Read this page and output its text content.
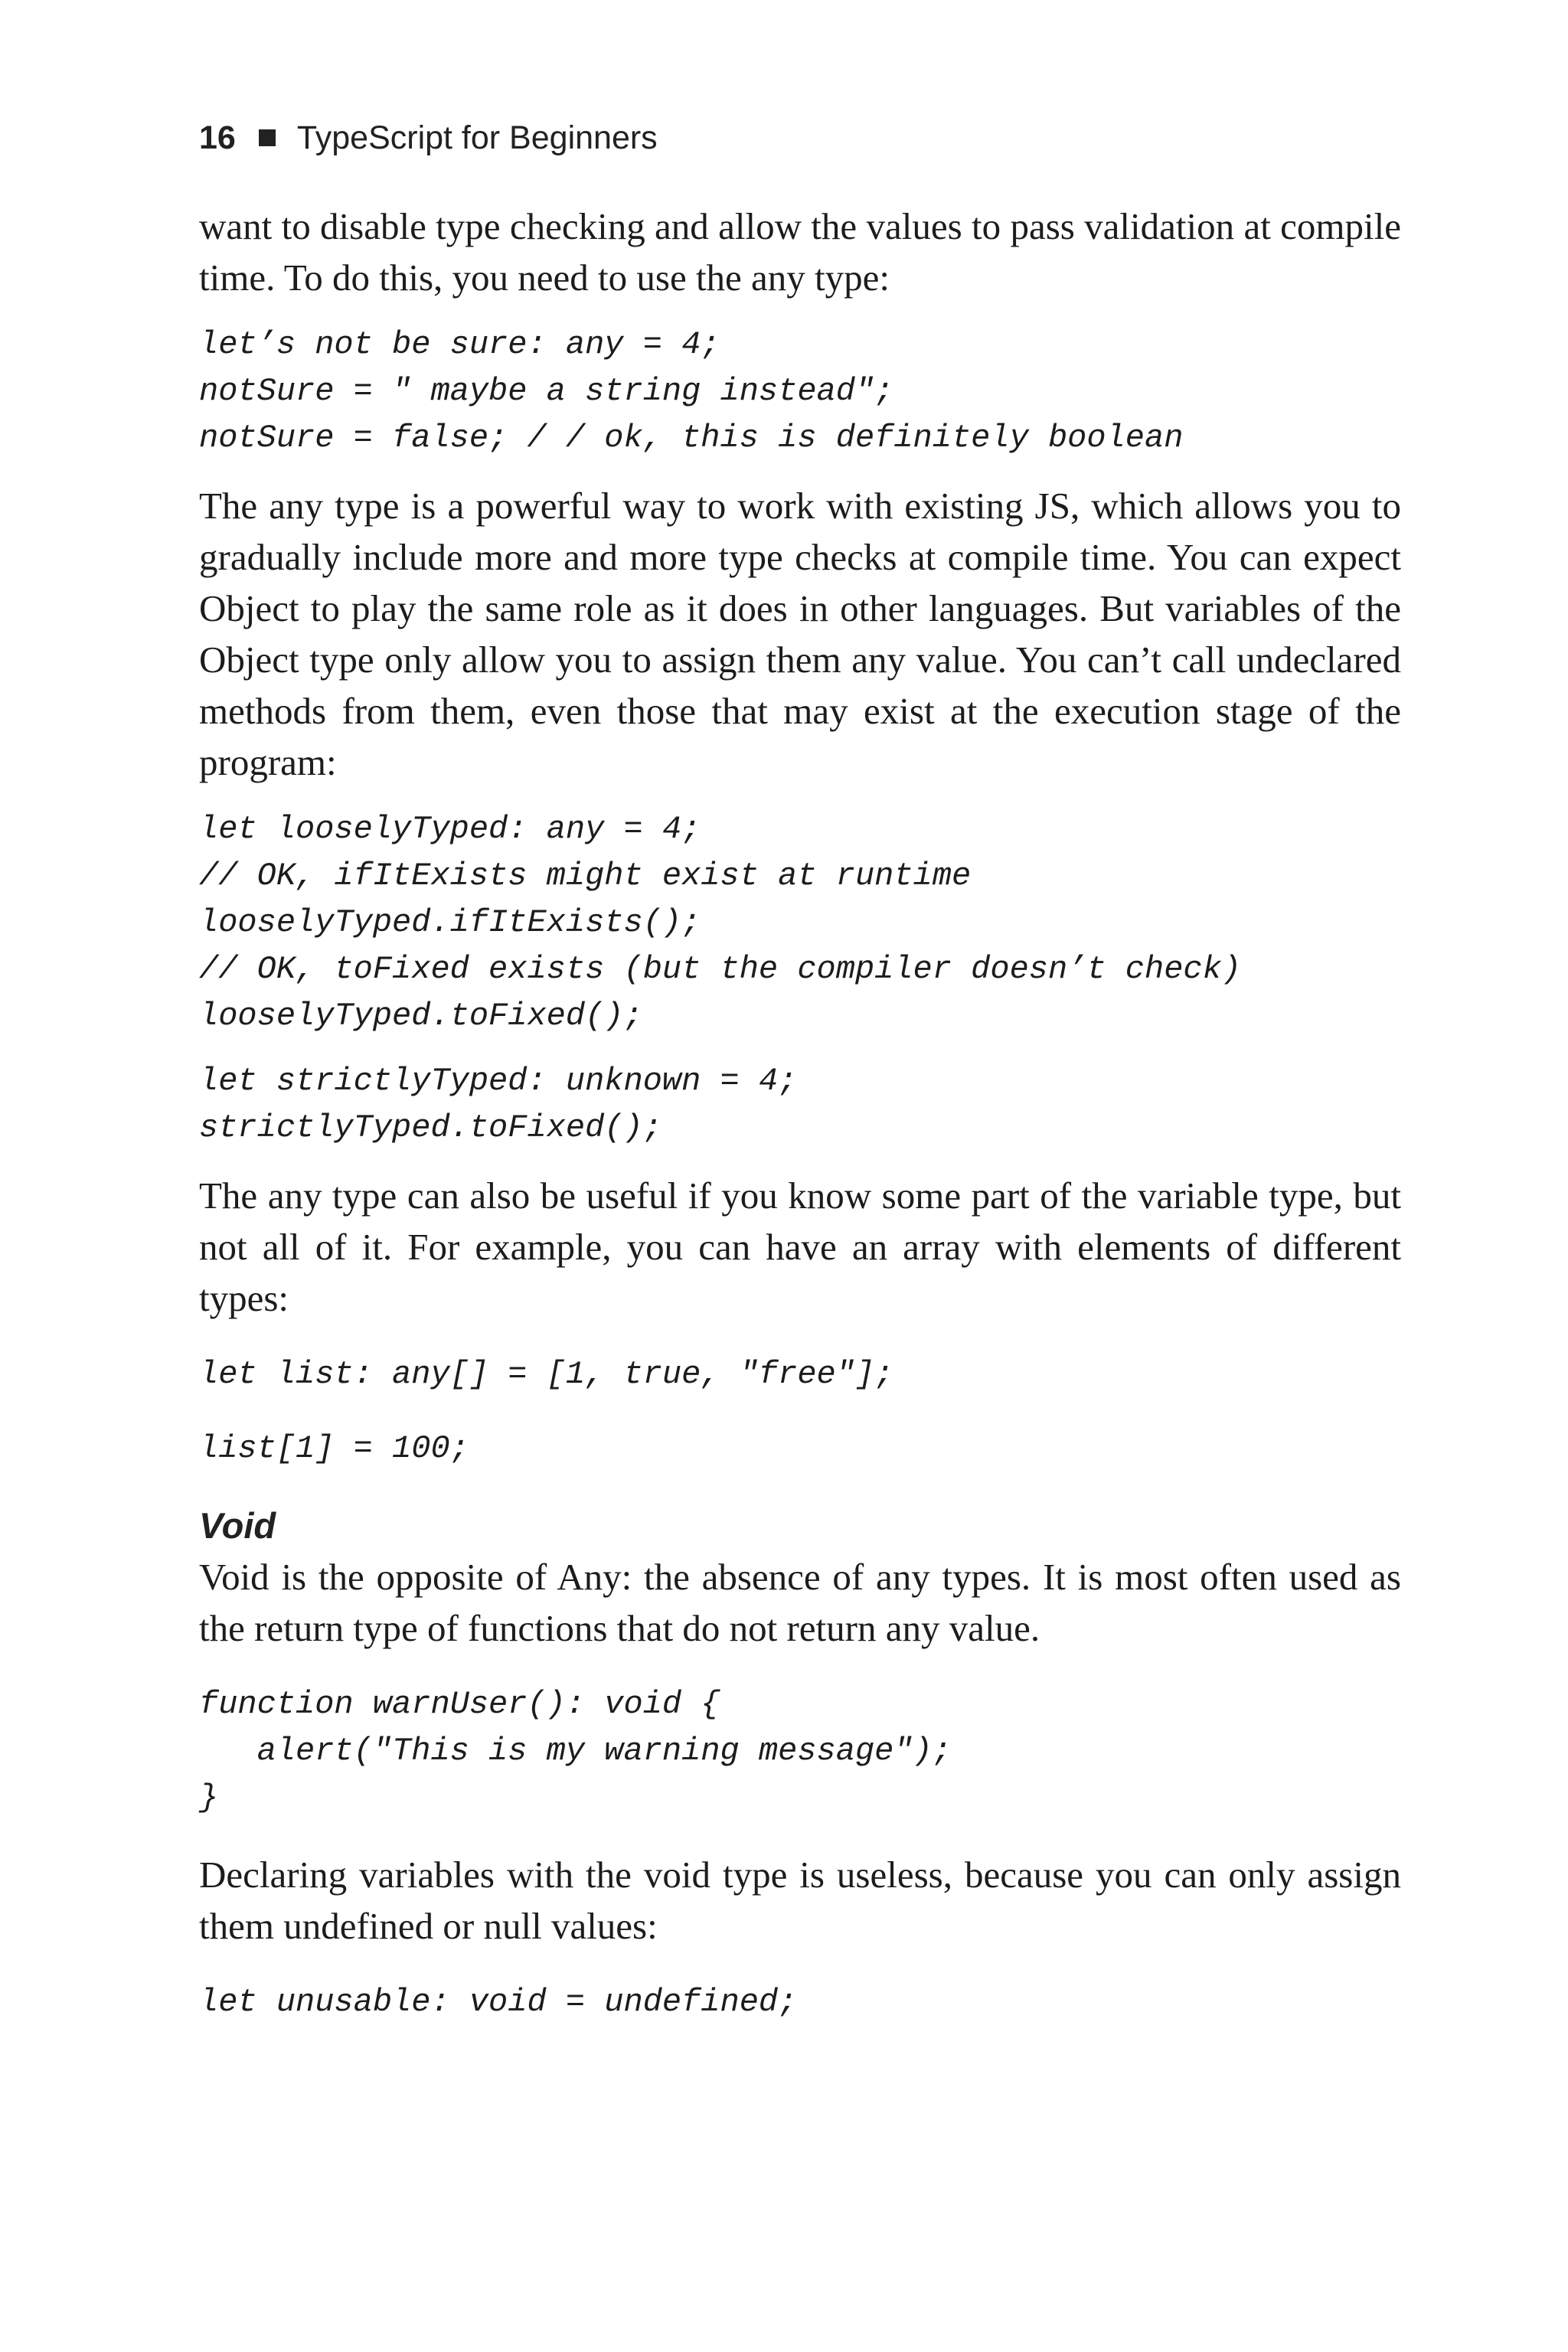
16 TypeScript for Beginners

want to disable type checking and allow the values to pass validation at compile time. To do this, you need to use the any type:

let’s not be sure: any = 4;
notSure = " maybe a string instead";
notSure = false; / / ok, this is definitely boolean

The any type is a powerful way to work with existing JS, which allows you to gradually include more and more type checks at compile time. You can expect Object to play the same role as it does in other languages. But variables of the Object type only allow you to assign them any value. You can’t call undeclared methods from them, even those that may exist at the execution stage of the program:

let looselyTyped: any = 4;
// OK, ifItExists might exist at runtime
looselyTyped.ifItExists();
// OK, toFixed exists (but the compiler doesn’t check)
looselyTyped.toFixed();
let strictlyTyped: unknown = 4;
strictlyTyped.toFixed();

The any type can also be useful if you know some part of the variable type, but not all of it. For example, you can have an array with elements of different types:

let list: any[] = [1, true, "free"];
list[1] = 100;
Void

Void is the opposite of Any: the absence of any types. It is most often used as the return type of functions that do not return any value.

function warnUser(): void {
alert("This is my warning message");
}

Declaring variables with the void type is useless, because you can only assign them undefined or null values:

let unusable: void = undefined;
